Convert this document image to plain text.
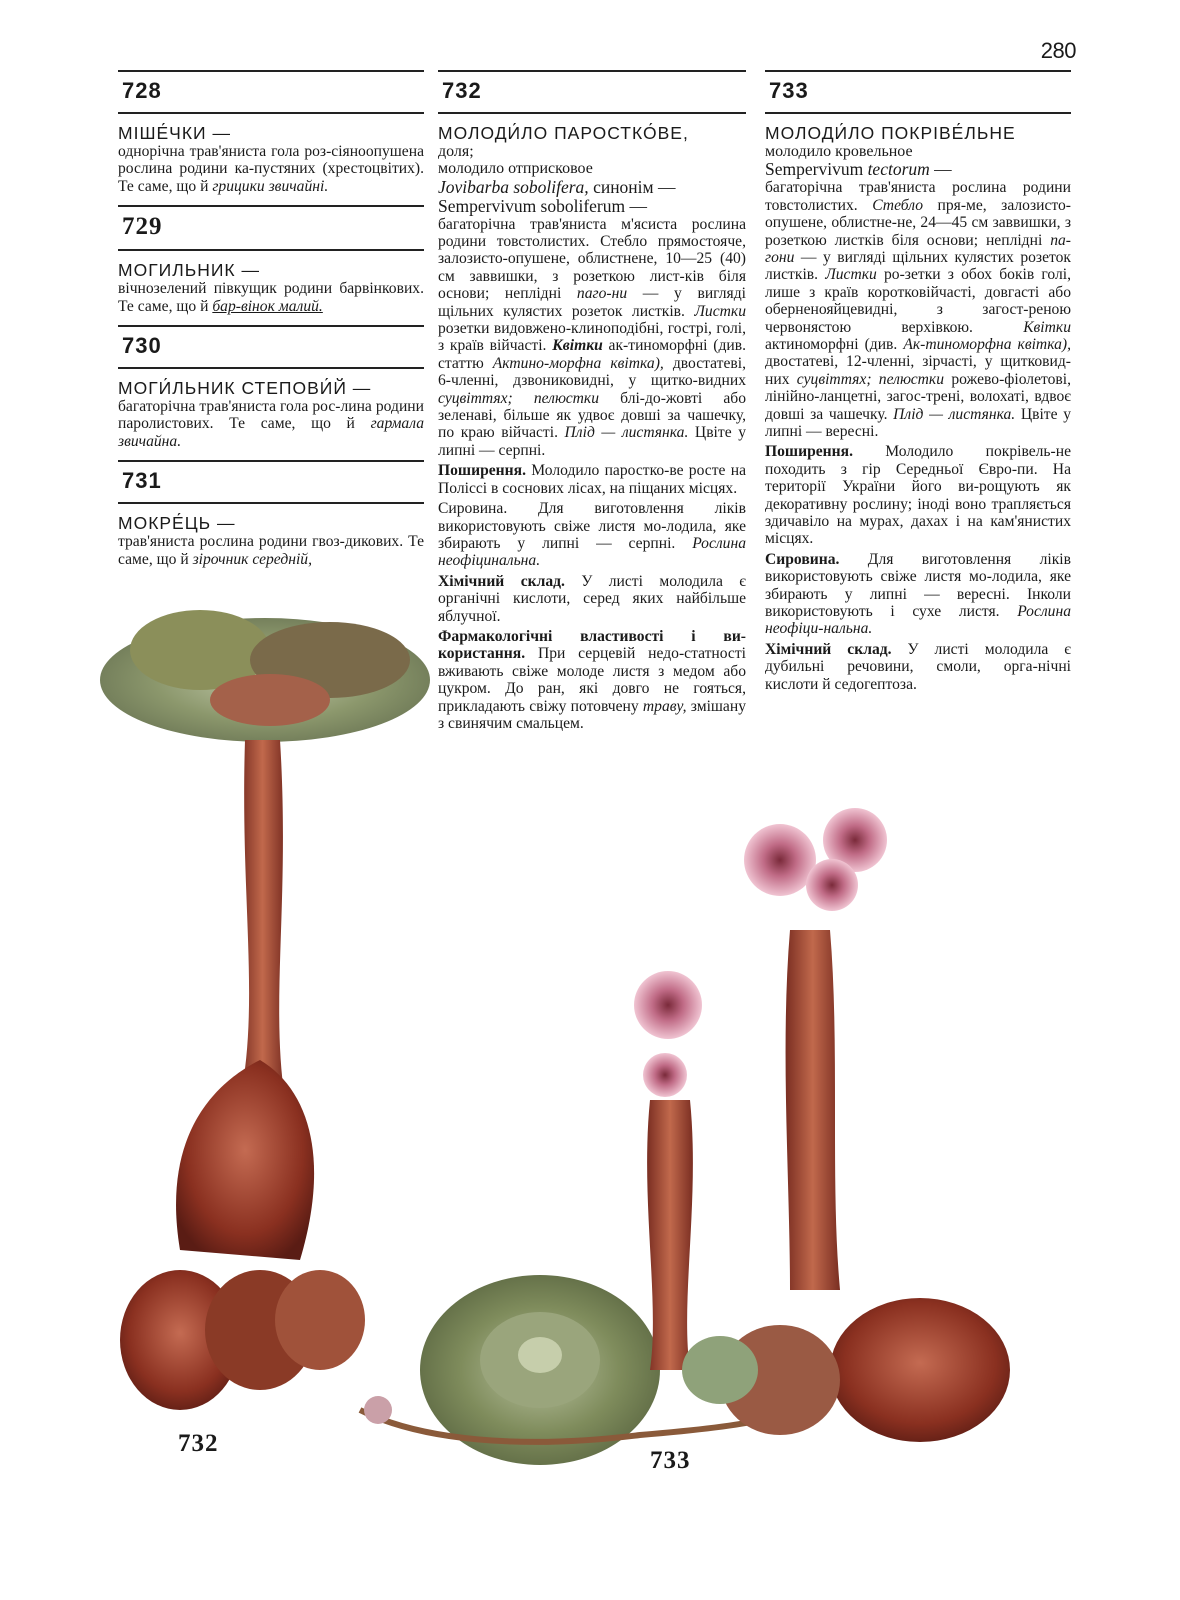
280
728
МІШЕ́ЧКИ —
однорічна трав'яниста гола роз-сіяноопушена рослина родини ка-пустяних (хрестоцвітих). Те саме, що й грицики звичайні.
729
МОГИЛЬНИК —
вічнозелений півкущик родини барвінкових. Те саме, що й бар-вінок малий.
730
МОГИ́ЛЬНИК СТЕПОВИ́Й —
багаторічна трав'яниста гола рос-лина родини паролистових. Те саме, що й гармала звичайна.
731
МОКРЕ́ЦЬ —
трав'яниста рослина родини гвоз-дикових. Те саме, що й зірочник середній,
732
МОЛОДИ́ЛО ПАРОСТКО́ВЕ,
доля;
молодило отприсковое
Jovibarba sobolifera, синонім —
Sempervivum soboliferum —
багаторічна трав'яниста м'ясиста рослина родини товстолистих. Стебло прямостояче, залозисто-опушене, облистнене, 10—25 (40) см заввишки, з розеткою лист-ків біля основи; неплідні паго-ни — у вигляді щільних кулястих розеток листків. Листки розетки видовжено-клиноподібні, гострі, голі, з країв війчасті. Квітки ак-тиноморфні (див. статтю Актино-морфна квітка), двостатеві, 6-членні, дзвониковидні, у щитко-видних суцвіттях; пелюстки блі-до-жовті або зеленаві, більше як удвоє довші за чашечку, по краю війчасті. Плід — листянка. Цвіте у липні — серпні.
Поширення. Молодило паростко-ве росте на Поліссі в соснових лісах, на піщаних місцях.
Сировина. Для виготовлення ліків використовують свіже листя мо-лодила, яке збирають у липні — серпні. Рослина неофіцинальна.
Хімічний склад. У листі молодила є органічні кислоти, серед яких найбільше яблучної.
Фармакологічні властивості і ви-користання. При серцевій недо-статності вживають свіже молоде листя з медом або цукром. До ран, які довго не гояться, прикладають свіжу потовчену траву, змішану з свинячим смальцем.
733
МОЛОДИ́ЛО ПОКРІВЕ́ЛЬНЕ
молодило кровельное
Sempervivum tectorum —
багаторічна трав'яниста рослина родини товстолистих. Стебло пря-ме, залозисто-опушене, облистне-не, 24—45 см заввишки, з розеткою листків біля основи; неплідні па-гони — у вигляді щільних кулястих розеток листків. Листки ро-зетки з обох боків голі, лише з країв коротковійчасті, довгасті або оберненояйцевидні, з загост-реною червонястою верхівкою. Квітки актиноморфні (див. Ак-тиноморфна квітка), двостатеві, 12-членні, зірчасті, у щитковид-них суцвіттях; пелюстки рожево-фіолетові, лінійно-ланцетні, загос-трені, волохаті, вдвоє довші за чашечку. Плід — листянка. Цвіте у липні — вересні.
Поширення. Молодило покрівель-не походить з гір Середньої Євро-пи. На території України його ви-рощують як декоративну рослину; іноді воно трапляється здичавіло на мурах, дахах і на кам'янистих місцях.
Сировина. Для виготовлення ліків використовують свіже листя мо-лодила, яке збирають у липні — вересні. Інколи використовують і сухе листя. Рослина неофіци-нальна.
Хімічний склад. У листі молодила є дубильні речовини, смоли, орга-нічні кислоти й седогептоза.
732
733
